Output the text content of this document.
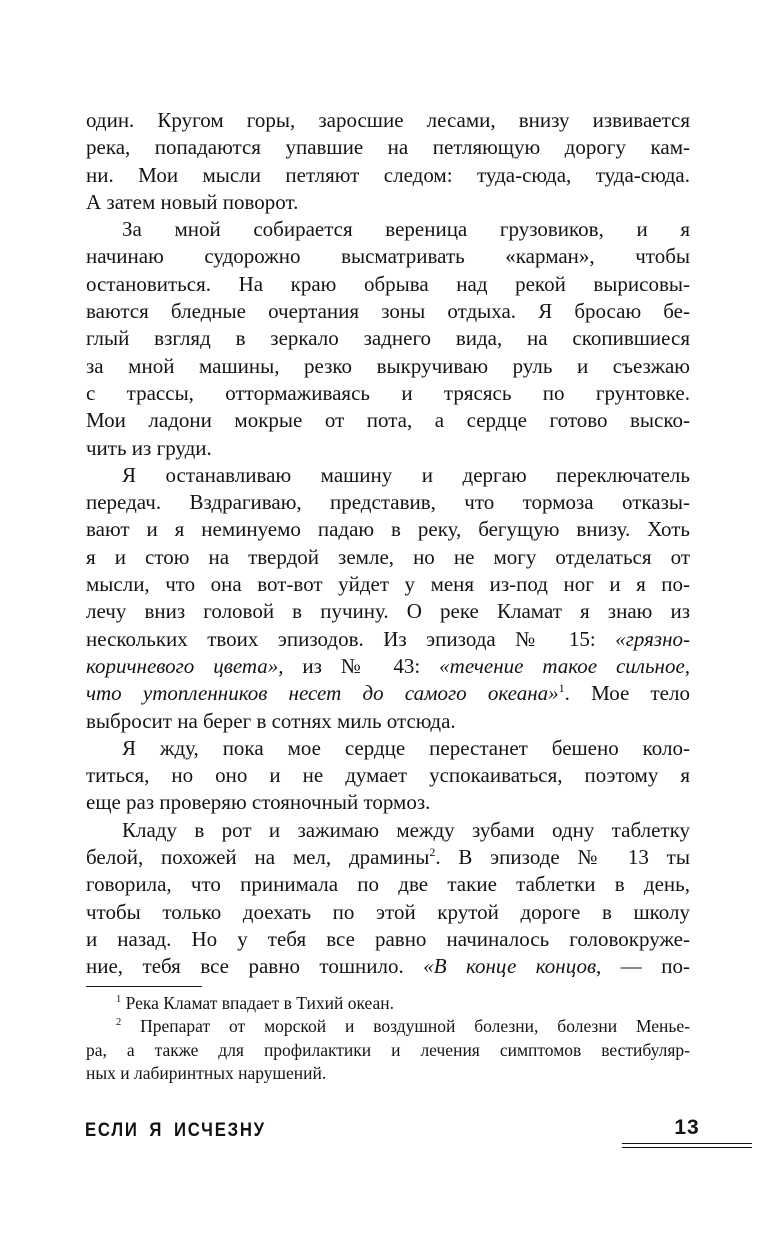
один. Кругом горы, заросшие лесами, внизу извивается
река, попадаются упавшие на петляющую дорогу кам-
ни. Мои мысли петляют следом: туда-сюда, туда-сюда.
А затем новый поворот.
За мной собирается вереница грузовиков, и я
начинаю судорожно высматривать «карман», чтобы
остановиться. На краю обрыва над рекой вырисовы-
ваются бледные очертания зоны отдыха. Я бросаю бе-
глый взгляд в зеркало заднего вида, на скопившиеся
за мной машины, резко выкручиваю руль и съезжаю
с трассы, оттормаживаясь и трясясь по грунтовке.
Мои ладони мокрые от пота, а сердце готово выско-
чить из груди.
Я останавливаю машину и дергаю переключатель
передач. Вздрагиваю, представив, что тормоза отказы-
вают и я неминуемо падаю в реку, бегущую внизу. Хоть
я и стою на твердой земле, но не могу отделаться от
мысли, что она вот-вот уйдет у меня из-под ног и я по-
лечу вниз головой в пучину. О реке Кламат я знаю из
нескольких твоих эпизодов. Из эпизода № 15: «грязно-
коричневого цвета», из № 43: «течение такое сильное,
что утопленников несет до самого океана»$^1$. Мое тело
выбросит на берег в сотнях миль отсюда.
Я жду, пока мое сердце перестанет бешено коло-
титься, но оно и не думает успокаиваться, поэтому я
еще раз проверяю стояночный тормоз.
Кладу в рот и зажимаю между зубами одну таблетку
белой, похожей на мел, драмины$^2$. В эпизоде № 13 ты
говорила, что принимала по две такие таблетки в день,
чтобы только доехать по этой крутой дороге в школу
и назад. Но у тебя все равно начиналось головокруже-
ние, тебя все равно тошнило. «В конце концов, — по-
$^1$ Река Кламат впадает в Тихий океан.
$^2$ Препарат от морской и воздушной болезни, болезни Менье-
ра, а также для профилактики и лечения симптомов вестибуляр-
ных и лабиринтных нарушений.
ЕСЛИ Я ИСЧЕЗНУ	13
